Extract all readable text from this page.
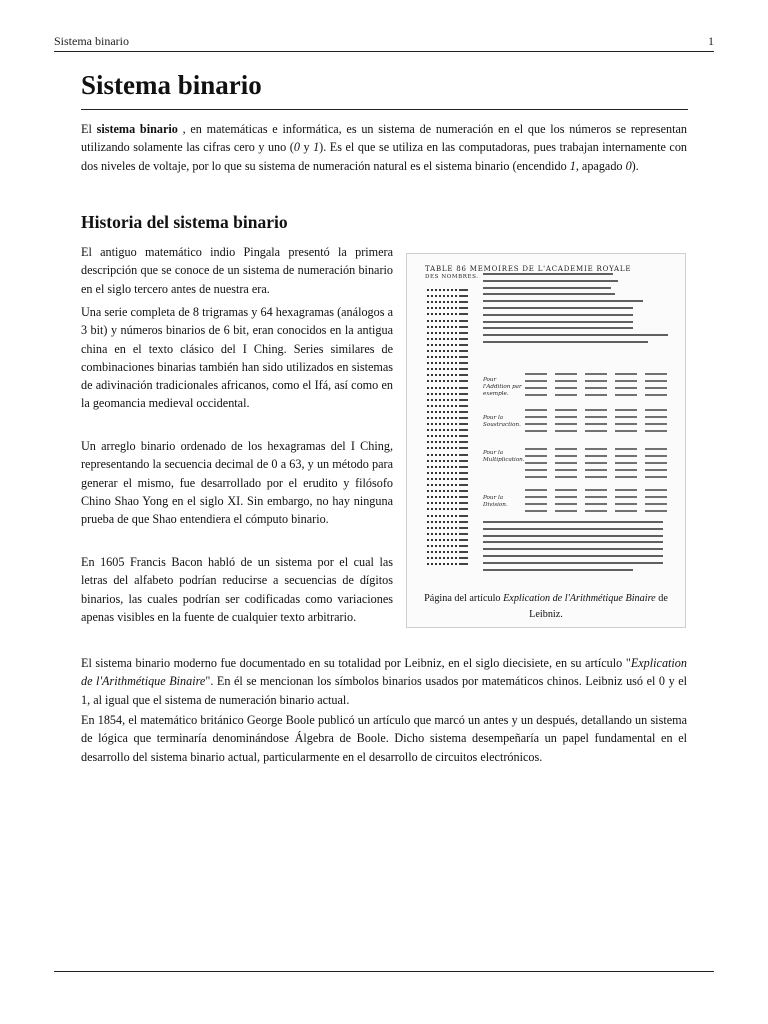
Sistema binario	1
Sistema binario

El sistema binario , en matemáticas e informática, es un sistema de numeración en el que los números se representan utilizando solamente las cifras cero y uno (0 y 1). Es el que se utiliza en las computadoras, pues trabajan internamente con dos niveles de voltaje, por lo que su sistema de numeración natural es el sistema binario (encendido 1, apagado 0).

Historia del sistema binario

El antiguo matemático indio Pingala presentó la primera descripción que se conoce de un sistema de numeración binario en el siglo tercero antes de nuestra era.

Una serie completa de 8 trigramas y 64 hexagramas (análogos a 3 bit) y números binarios de 6 bit, eran conocidos en la antigua china en el texto clásico del I Ching. Series similares de combinaciones binarias también han sido utilizados en sistemas de adivinación tradicionales africanos, como el Ifá, así como en la geomancia medieval occidental.

Un arreglo binario ordenado de los hexagramas del I Ching, representando la secuencia decimal de 0 a 63, y un método para generar el mismo, fue desarrollado por el erudito y filósofo Chino Shao Yong en el siglo XI. Sin embargo, no hay ninguna prueba de que Shao entendiera el cómputo binario.

En 1605 Francis Bacon habló de un sistema por el cual las letras del alfabeto podrían reducirse a secuencias de dígitos binarios, las cuales podrían ser codificadas como variaciones apenas visibles en la fuente de cualquier texto arbitrario.

TABLE 86 MEMOIRES DE L'ACADEMIE ROYALE
DES NOMBRES.
Pour l'Addition par exemple.
Pour la Soustraction.
Pour la Multiplication.
Pour la Division.
Página del artículo Explication de l'Arithmétique Binaire de Leibniz.

El sistema binario moderno fue documentado en su totalidad por Leibniz, en el siglo diecisiete, en su artículo "Explication de l'Arithmétique Binaire". En él se mencionan los símbolos binarios usados por matemáticos chinos. Leibniz usó el 0 y el 1, al igual que el sistema de numeración binario actual.

En 1854, el matemático británico George Boole publicó un artículo que marcó un antes y un después, detallando un sistema de lógica que terminaría denominándose Álgebra de Boole. Dicho sistema desempeñaría un papel fundamental en el desarrollo del sistema binario actual, particularmente en el desarrollo de circuitos electrónicos.
